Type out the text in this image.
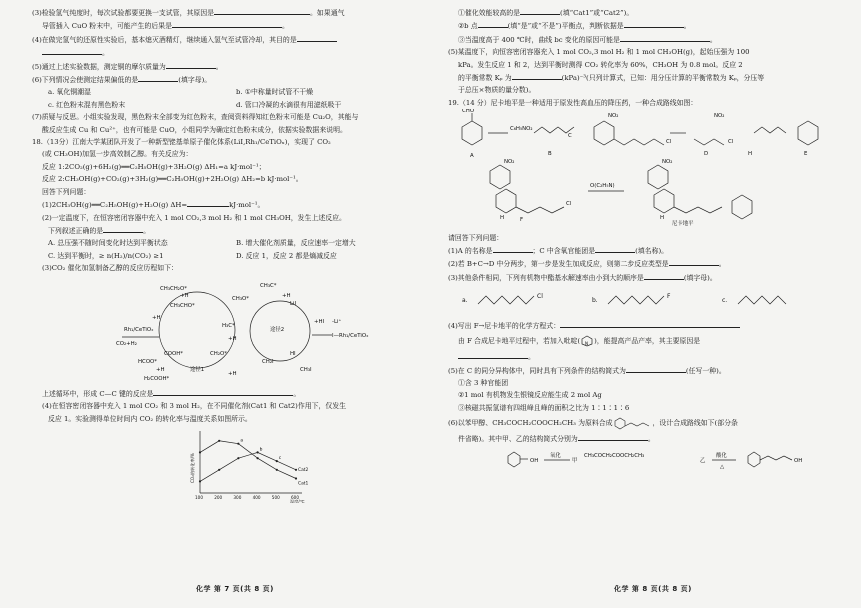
(3)检验氢气纯度时，每次试验都要更换一支试管，其原因是	。如果通气
导管插入 CuO 粉末中，可能产生的后果是	。
(4)在做完氢气的还原性实验后，基本熄灭酒精灯，继续通入氢气至试管冷却，其目的是
。
(5)通过上述实验数据，测定铜的摩尔质量为	。
(6)下列情况会使测定结果偏低的是	(填字母)。
a. 氧化铜潮湿	b. ①中称量时试管不干燥
c. 红色粉末混有黑色粉末	d. 管口冷凝的水滴很有用滤纸吸干
(7)质疑与反思。小组实验发现，黑色粉末全部变为红色粉末，查阅资料得知红色粉末可能是 Cu₂O，其能与
酸反应生成 Cu 和 Cu²⁺，也有可能是 CuO，小组同学为确定红色粉末成分，依据实验数据来说明。
18.（13分）江南大学某团队开发了一种新型铑基单原子催化体系(LiI,Rh₁/CeTiOₓ)，实现了 CO₂
(或 CH₃OH)加氢一步高效制乙醇。有关反应为：
反应 1:2CO₂(g)+6H₂(g)══C₂H₅OH(g)+3H₂O(g) ΔH₁=a kJ·mol⁻¹；
反应 2:CH₃OH(g)+CO₂(g)+3H₂(g)══C₂H₅OH(g)+2H₂O(g) ΔH₂=b kJ·mol⁻¹。
回答下列问题：
(1)2CH₃OH(g)══C₂H₅OH(g)+H₂O(g) ΔH=	kJ·mol⁻¹。
(2)一定温度下，在恒容密闭容器中充入 1 mol CO₂,3 mol H₂ 和 1 mol CH₃OH，发生上述反应。
下列叙述正确的是	。
A. 总压强不随时间变化时达到平衡状态	B. 增大催化剂质量，反应速率一定增大
C. 达到平衡时，≥ n(H₂)/n(CO₂) ≥1	D. 反应 1，反应 2 都是熵减反应
(3)CO₂ 催化加氢制备乙醇的反应历程如下：
CH₃CH₂O*
CH₃CHO*
CH₃C*
CH₃O*
H₃C*
LiI
HI
CH₃I
I—Rh₁/CeTiOₓ
CO₂+H₂
Rh₁/CeTiOₓ
COOH*
HCOO*
H₂COOH*
CH₂O*
途径1
途径2
+H
+H
+H
+H
+H
+H
+HI -Li⁺
CH₂I
上述循环中，形成 C—C 键的反应是	。
(4)在恒容密闭容器中充入 1 mol CO₂ 和 3 mol H₂，在不同催化剂(Cat1 和 Cat2)作用下，仅发生
反应 1。实验测得单位时间内 CO₂ 的转化率与温度关系如图所示。
100	200	300	400	500	600
温度/℃
CO₂的转化率/%	Cat2
Cat1
a
b
c
化学 第 7 页(共 8 页)
①催化效能较高的是	(填“Cat1”或“Cat2”)。
②b 点	(填“是”或“不是”)平衡点，判断依据是	。
③当温度高于 400 ℃时，曲线 bc 变化的原因可能是	。
(5)某温度下，向恒容密闭容器充入 1 mol CO₂,3 mol H₂ 和 1 mol CH₃OH(g)，起始压强为 100
kPa。发生反应 1 和 2，达到平衡时测得 CO₂ 转化率为 60%，CH₃OH 为 0.8 mol。反应 2
的平衡常数 Kₚ 为	(kPa)⁻³(只列计算式，已知：用分压计算的平衡常数为 Kₚ，分压等
于总压×物质的量分数)。
19.（14 分）尼卡地平是一种适用于原发性高血压的降压药，一种合成路线如图：
A	B
C
D	E
F
尼卡地平
C₆H₅NO₂
NO₂	NO₂
NO₂	NO₂
H	H
H
Cl	Cl
Cl
O(C₂H₅N)
CHO
请回答下列问题：
(1)A 的名称是	；C 中含氧官能团是	(填名称)。
(2)若 B+C→D 中分两步，第一步是发生加成反应，则第二步反应类型是	。
(3)其他条件相同，下列有机物中酯基水解速率由小到大的顺序是	(填字母)。
a.	b.	c.
Cl	F
(4)写出 F→尼卡地平的化学方程式：
由 F 合成尼卡地平过程中，若加入吡啶( N )，能提高产品产率，其主要原因是
。
(5)在 C 的同分异构体中，同时具有下列条件的结构简式为	(任写一种)。
①含 3 种官能团
②1 mol 有机物发生银镜反应能生成 2 mol Ag
③核磁共振氢谱有四组峰且峰的面积之比为 1∶1∶1∶6
(6)以苯甲醇、CH₃COCH₂COOCH₂CH₃ 为原料合成	，设计合成路线如下(部分条
件省略)。其中甲、乙的结构简式分别为	。
OH
氧化
甲
CH₃COCH₂COOCH₂CH₃
乙
酸化
△
OH
化学 第 8 页(共 8 页)
